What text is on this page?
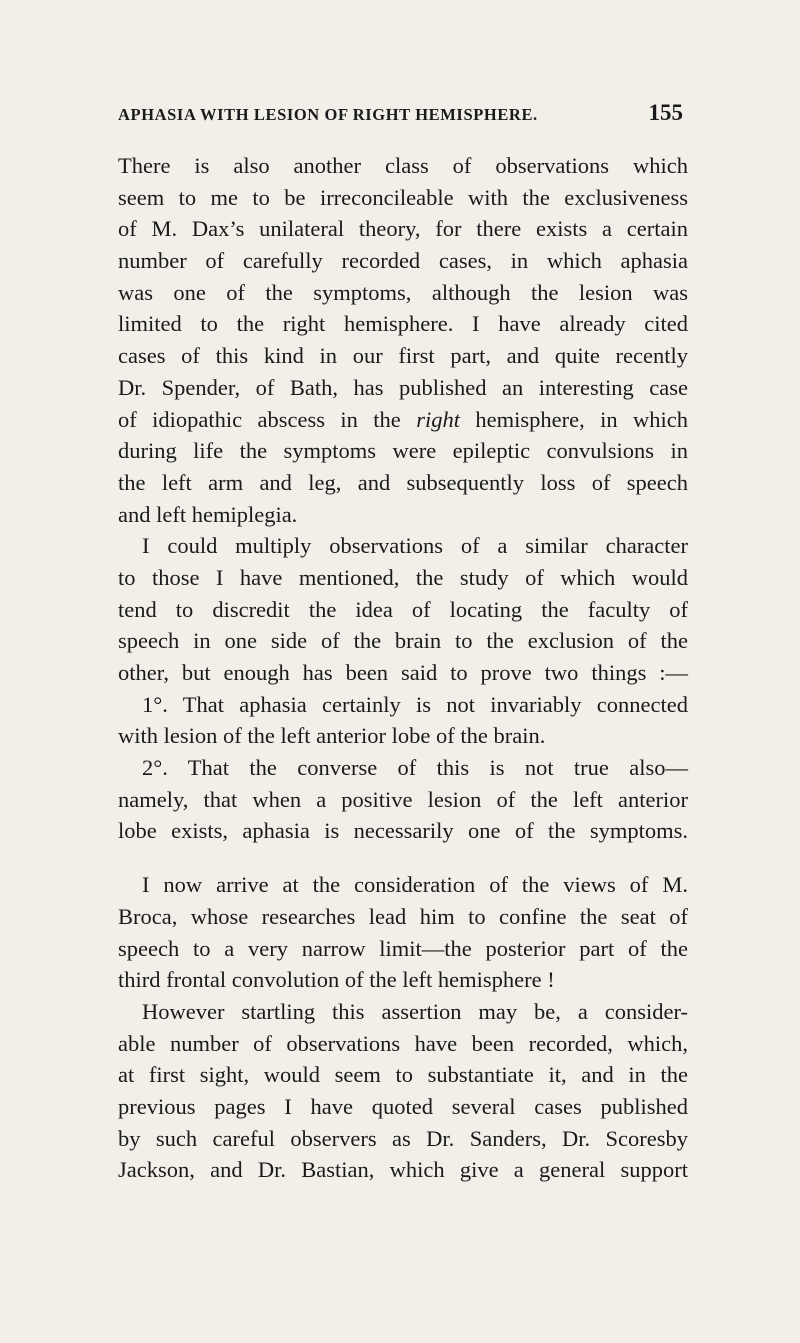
APHASIA WITH LESION OF RIGHT HEMISPHERE.	155
There is also another class of observations which
seem to me to be irreconcileable with the exclusiveness
of M. Dax’s unilateral theory, for there exists a certain
number of carefully recorded cases, in which aphasia
was one of the symptoms, although the lesion was
limited to the right hemisphere. I have already cited
cases of this kind in our first part, and quite recently
Dr. Spender, of Bath, has published an interesting case
of idiopathic abscess in the right hemisphere, in which
during life the symptoms were epileptic convulsions in
the left arm and leg, and subsequently loss of speech
and left hemiplegia.
I could multiply observations of a similar character
to those I have mentioned, the study of which would
tend to discredit the idea of locating the faculty of
speech in one side of the brain to the exclusion of the
other, but enough has been said to prove two things :—
1°. That aphasia certainly is not invariably connected
with lesion of the left anterior lobe of the brain.
2°. That the converse of this is not true also—
namely, that when a positive lesion of the left anterior
lobe exists, aphasia is necessarily one of the symptoms.
I now arrive at the consideration of the views of M.
Broca, whose researches lead him to confine the seat of
speech to a very narrow limit—the posterior part of the
third frontal convolution of the left hemisphere !
However startling this assertion may be, a consider-
able number of observations have been recorded, which,
at first sight, would seem to substantiate it, and in the
previous pages I have quoted several cases published
by such careful observers as Dr. Sanders, Dr. Scoresby
Jackson, and Dr. Bastian, which give a general support
